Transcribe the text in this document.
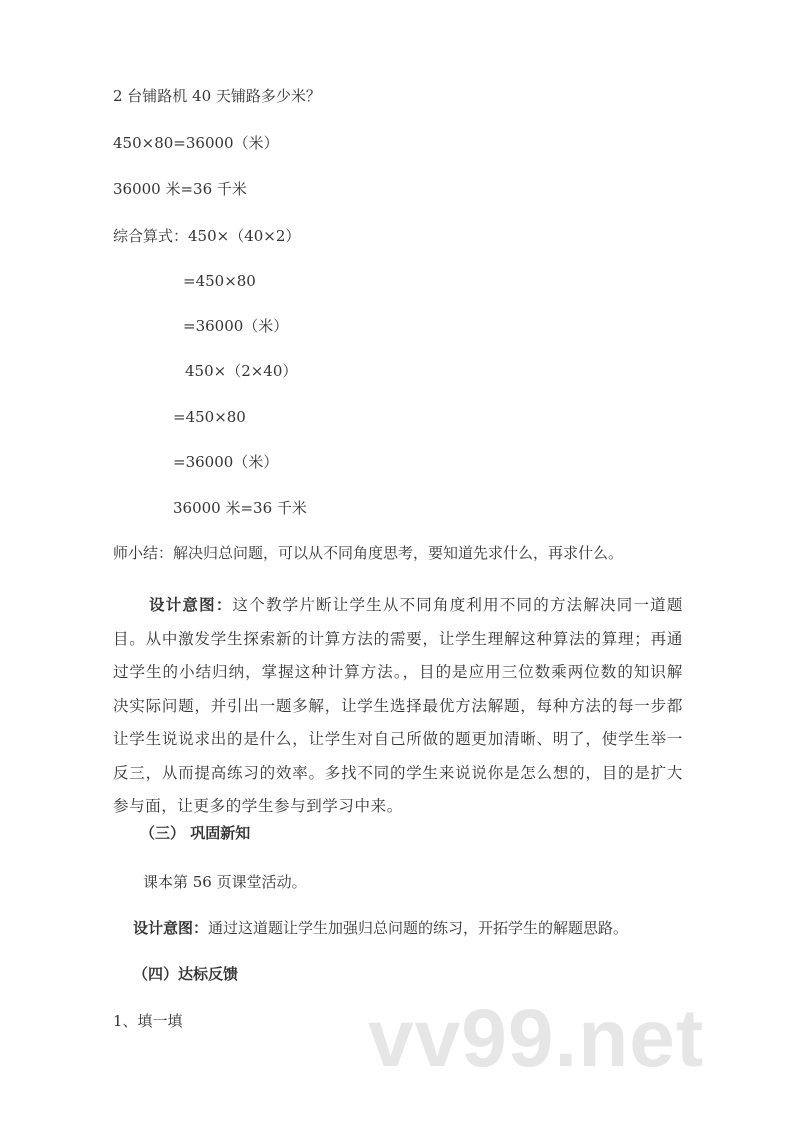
2 台铺路机 40 天铺路多少米？
450×80=36000（米）
36000 米=36 千米
综合算式：450×（40×2）
=450×80
=36000（米）
450×（2×40）
=450×80
=36000（米）
36000 米=36 千米
师小结：解决归总问题，可以从不同角度思考，要知道先求什么，再求什么。
设计意图：这个教学片断让学生从不同角度利用不同的方法解决同一道题目。从中激发学生探索新的计算方法的需要，让学生理解这种算法的算理；再通过学生的小结归纳，掌握这种计算方法。，目的是应用三位数乘两位数的知识解决实际问题，并引出一题多解，让学生选择最优方法解题，每种方法的每一步都让学生说说求出的是什么，让学生对自己所做的题更加清晰、明了，使学生举一反三，从而提高练习的效率。多找不同的学生来说说你是怎么想的，目的是扩大参与面，让更多的学生参与到学习中来。
（三） 巩固新知
课本第 56 页课堂活动。
设计意图：通过这道题让学生加强归总问题的练习，开拓学生的解题思路。
（四）达标反馈
1、填一填 vv99.net
